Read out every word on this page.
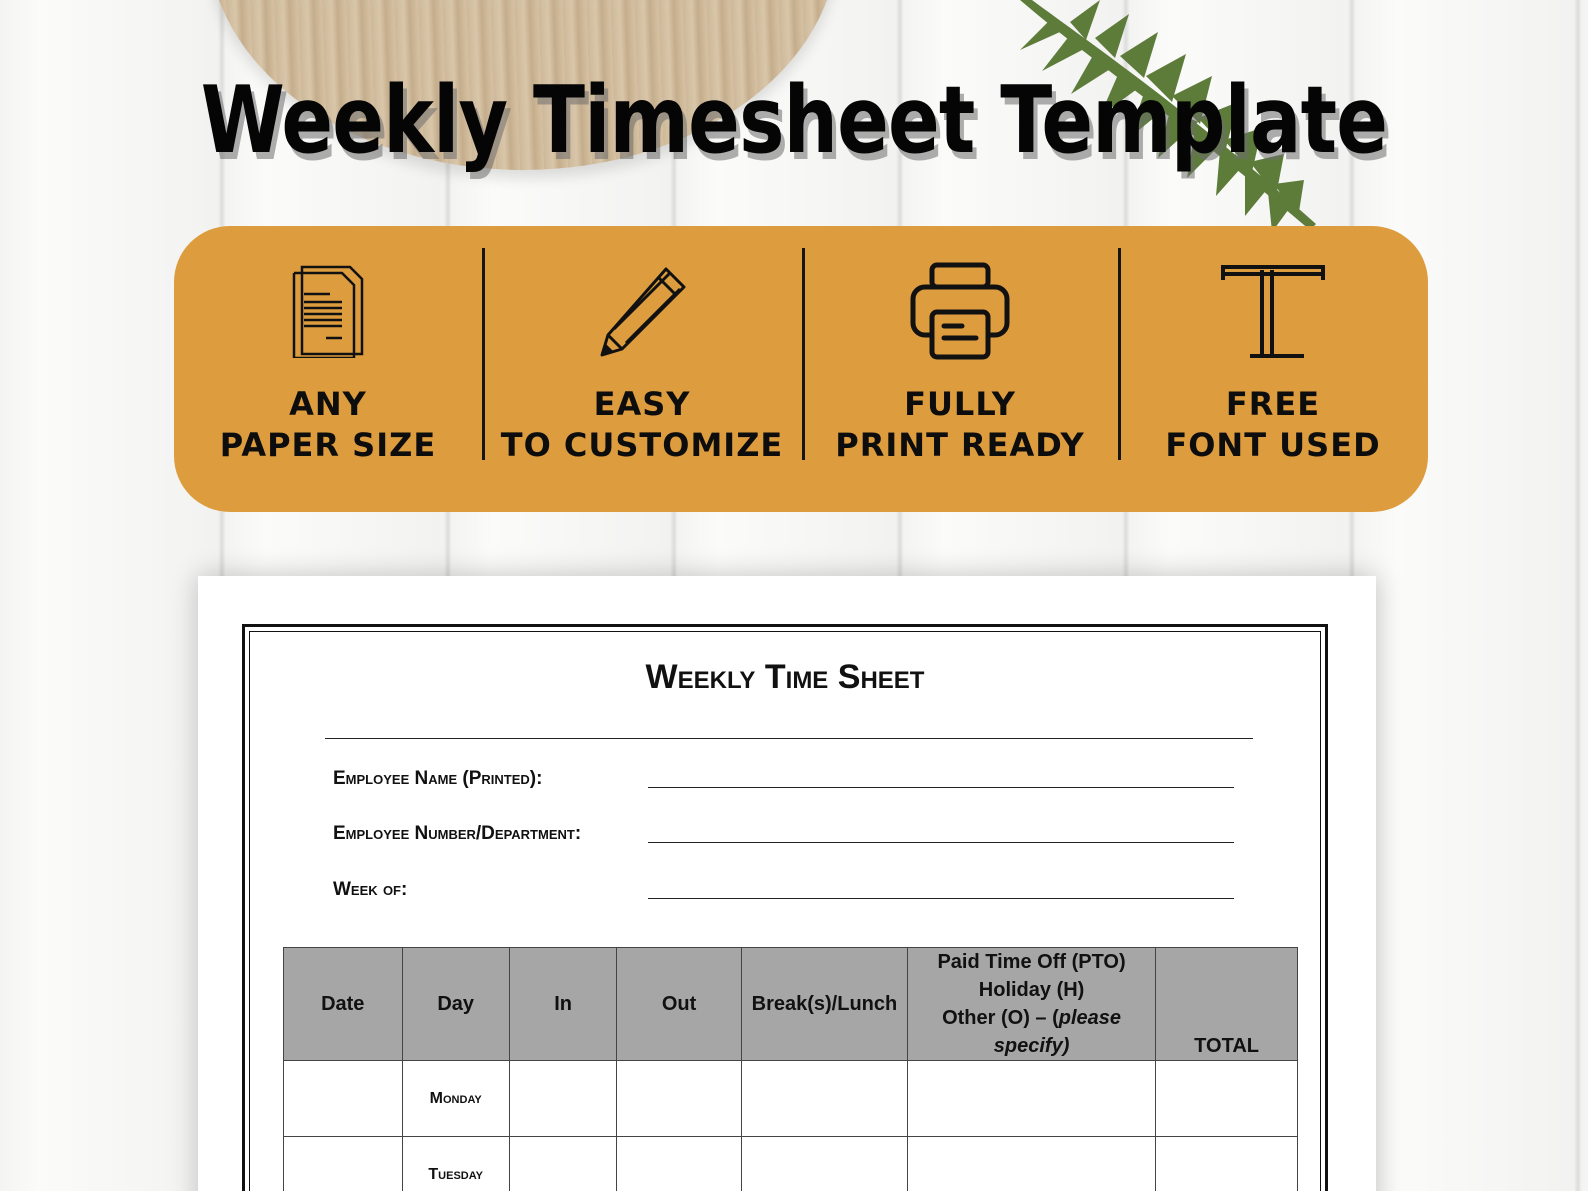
Weekly Timesheet Template
ANY
PAPER SIZE
EASY
TO CUSTOMIZE
FULLY
PRINT READY
FREE
FONT USED
Weekly Time Sheet
Employee Name (Printed):
Employee Number/Department:
Week of:
Date	Day	In	Out	Break(s)/Lunch	Paid Time Off (PTO)
Holiday (H)
Other (O) – (please
specify)	TOTAL
	Monday					
	Tuesday					
